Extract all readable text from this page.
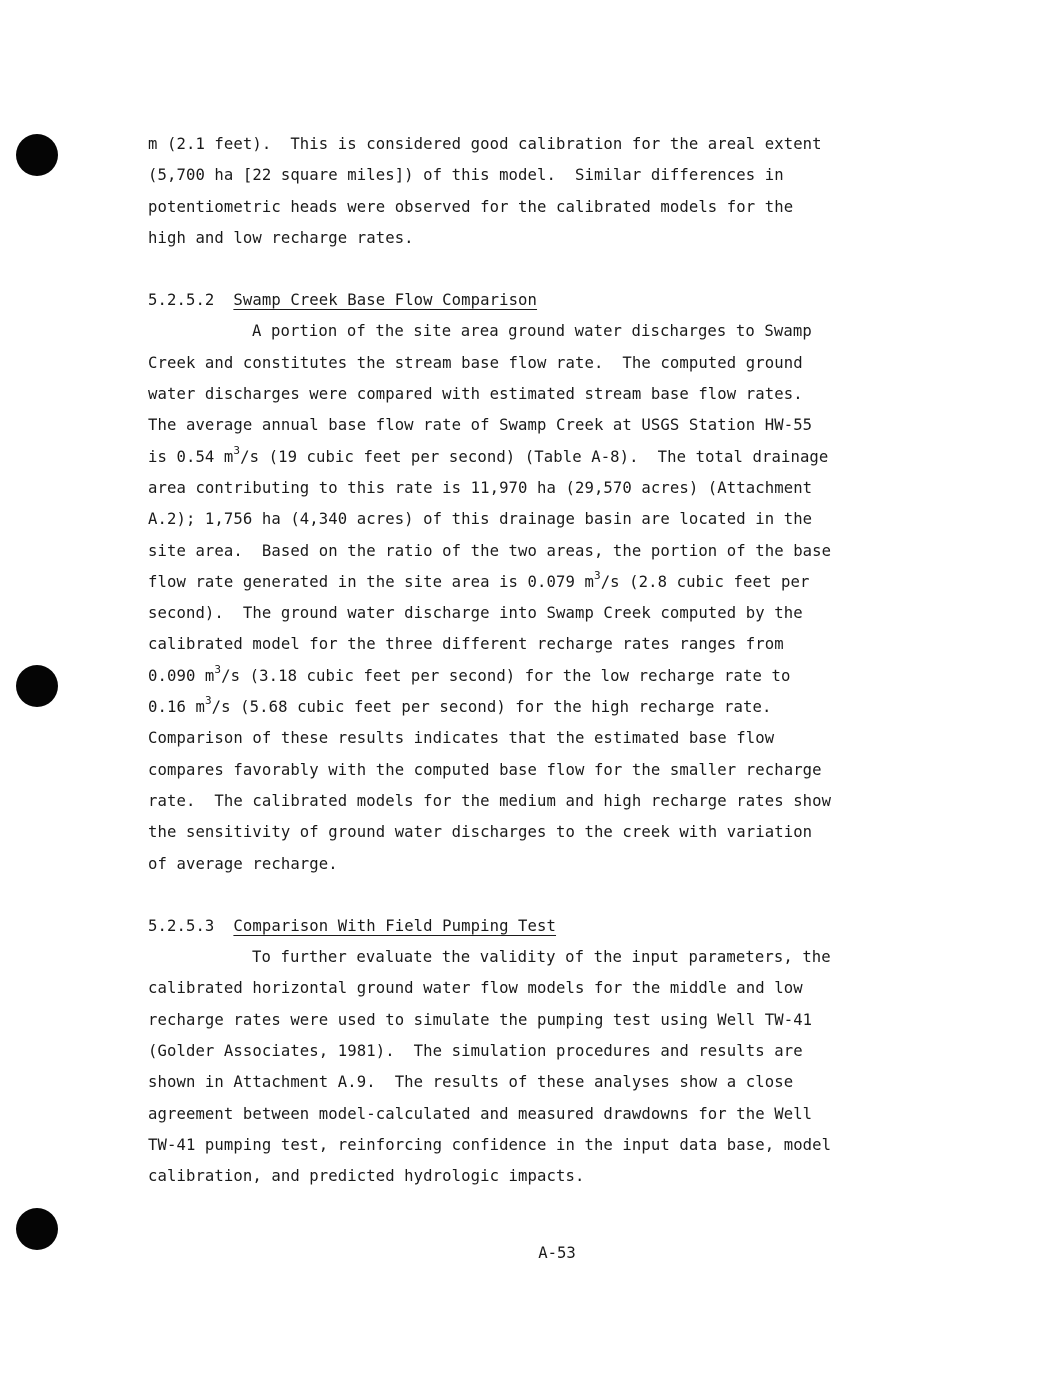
m (2.1 feet).  This is considered good calibration for the areal extent
(5,700 ha [22 square miles]) of this model.  Similar differences in
potentiometric heads were observed for the calibrated models for the
high and low recharge rates.
5.2.5.2 Swamp Creek Base Flow Comparison
A portion of the site area ground water discharges to Swamp
Creek and constitutes the stream base flow rate.  The computed ground
water discharges were compared with estimated stream base flow rates.
The average annual base flow rate of Swamp Creek at USGS Station HW-55
is 0.54 $m^3/s$ (19 cubic feet per second) (Table A-8).  The total drainage
area contributing to this rate is 11,970 ha (29,570 acres) (Attachment
A.2); 1,756 ha (4,340 acres) of this drainage basin are located in the
site area.  Based on the ratio of the two areas, the portion of the base
flow rate generated in the site area is 0.079 $m^3/s$ (2.8 cubic feet per
second).  The ground water discharge into Swamp Creek computed by the
calibrated model for the three different recharge rates ranges from
0.090 $m^3/s$ (3.18 cubic feet per second) for the low recharge rate to
0.16 $m^3/s$ (5.68 cubic feet per second) for the high recharge rate.
Comparison of these results indicates that the estimated base flow
compares favorably with the computed base flow for the smaller recharge
rate.  The calibrated models for the medium and high recharge rates show
the sensitivity of ground water discharges to the creek with variation
of average recharge.
5.2.5.3 Comparison With Field Pumping Test
To further evaluate the validity of the input parameters, the
calibrated horizontal ground water flow models for the middle and low
recharge rates were used to simulate the pumping test using Well TW-41
(Golder Associates, 1981).  The simulation procedures and results are
shown in Attachment A.9.  The results of these analyses show a close
agreement between model-calculated and measured drawdowns for the Well
TW-41 pumping test, reinforcing confidence in the input data base, model
calibration, and predicted hydrologic impacts.
A-53
